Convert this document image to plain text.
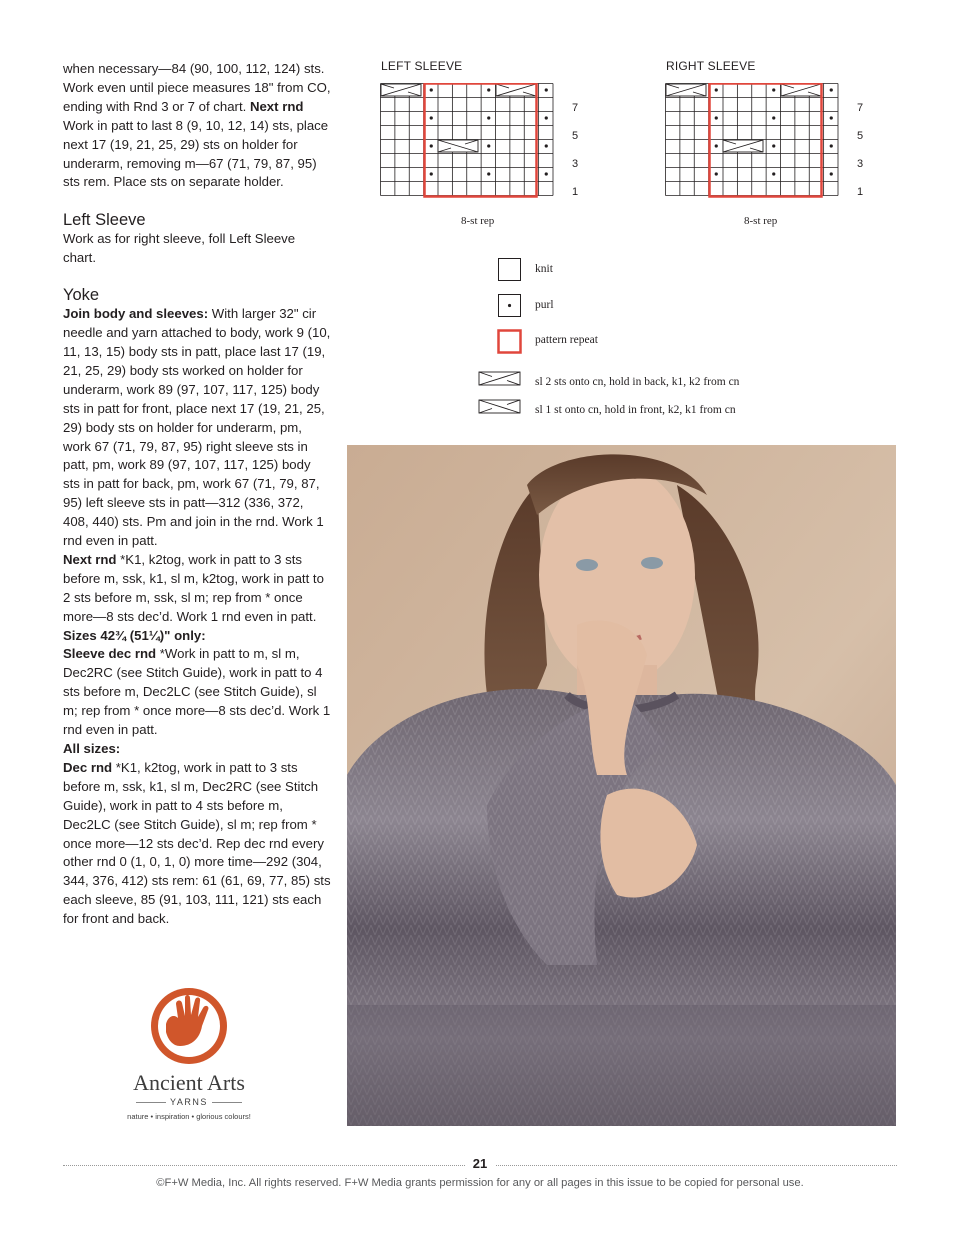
when necessary—84 (90, 100, 112, 124) sts. Work even until piece measures 18" from CO, ending with Rnd 3 or 7 of chart. Next rnd Work in patt to last 8 (9, 10, 12, 14) sts, place next 17 (19, 21, 25, 29) sts on holder for underarm, removing m—67 (71, 79, 87, 95) sts rem. Place sts on separate holder.

Left Sleeve

Work as for right sleeve, foll Left Sleeve chart.

Yoke

Join body and sleeves: With larger 32" cir needle and yarn attached to body, work 9 (10, 11, 13, 15) body sts in patt, place last 17 (19, 21, 25, 29) body sts worked on holder for underarm, work 89 (97, 107, 117, 125) body sts in patt for front, place next 17 (19, 21, 25, 29) body sts on holder for underarm, pm, work 67 (71, 79, 87, 95) right sleeve sts in patt, pm, work 89 (97, 107, 117, 125) body sts in patt for back, pm, work 67 (71, 79, 87, 95) left sleeve sts in patt—312 (336, 372, 408, 440) sts. Pm and join in the rnd. Work 1 rnd even in patt.

Next rnd *K1, k2tog, work in patt to 3 sts before m, ssk, k1, sl m, k2tog, work in patt to 2 sts before m, ssk, sl m; rep from * once more—8 sts dec’d. Work 1 rnd even in patt.

Sizes 42¾ (51¼)" only:

Sleeve dec rnd *Work in patt to m, sl m, Dec2RC (see Stitch Guide), work in patt to 4 sts before m, Dec2LC (see Stitch Guide), sl m; rep from * once more—8 sts dec’d. Work 1 rnd even in patt.

All sizes:

Dec rnd *K1, k2tog, work in patt to 3 sts before m, ssk, k1, sl m, Dec2RC (see Stitch Guide), work in patt to 4 sts before m, Dec2LC (see Stitch Guide), sl m; rep from * once more—12 sts dec’d. Rep dec rnd every other rnd 0 (1, 0, 1, 0) more time—292 (304, 344, 376, 412) sts rem: 61 (61, 69, 77, 85) sts each sleeve, 85 (91, 103, 111, 121) sts each for front and back.

LEFT SLEEVE	RIGHT SLEEVE
7
5
3
1
8-st rep
7
5
3
1
8-st rep
knit
purl
pattern repeat
sl 2 sts onto cn, hold in back, k1, k2 from cn
sl 1 st onto cn, hold in front, k2, k1 from cn
Ancient Arts
YARNS
nature • inspiration • glorious colours!
21
©F+W Media, Inc. All rights reserved. F+W Media grants permission for any or all pages in this issue to be copied for personal use.
